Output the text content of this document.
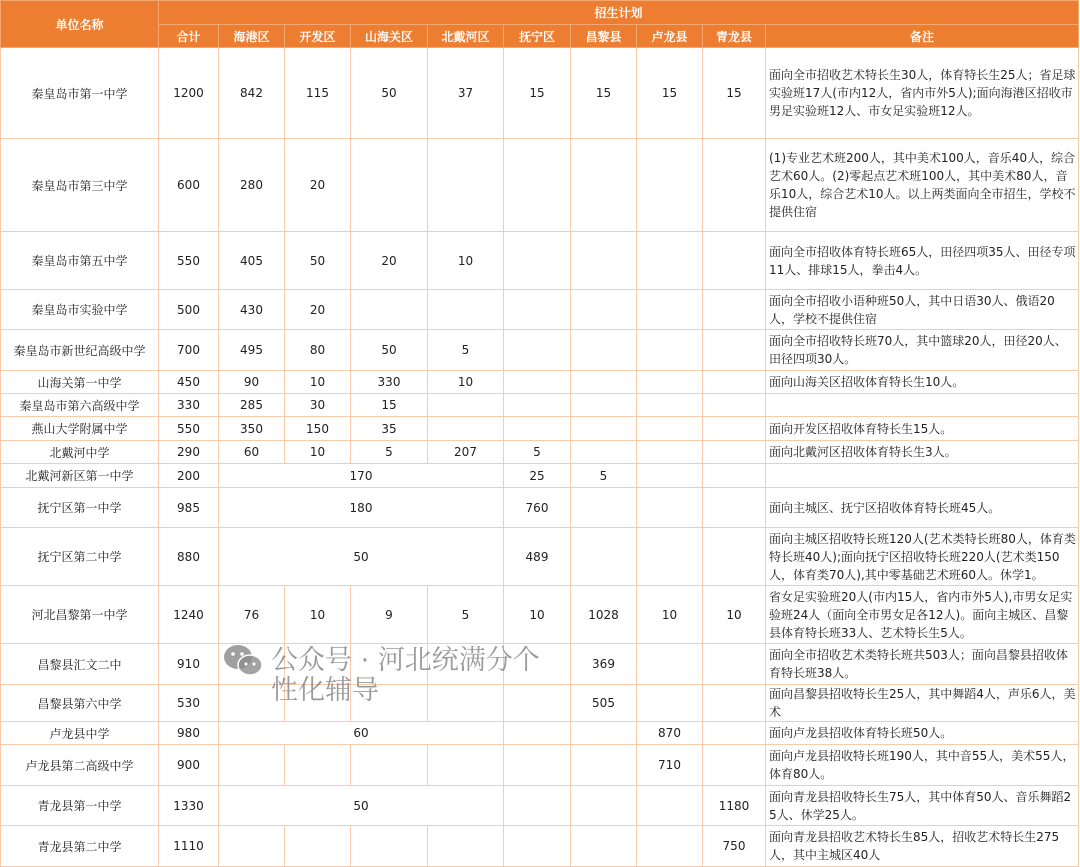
单位名称	招生计划									
	合计	海港区	开发区	山海关区	北戴河区	抚宁区	昌黎县	卢龙县	青龙县	备注
秦皇岛市第一中学	1200	842	115	50	37	15	15	15	15	面向全市招收艺术特长生30人，体育特长生25人；省足球实验班17人(市内12人，省内市外5人);面向海港区招收市男足实验班12人、市女足实验班12人。
秦皇岛市第三中学	600	280	20							(1)专业艺术班200人，其中美术100人，音乐40人，综合艺术60人。(2)零起点艺术班100人，其中美术80人，音乐10人，综合艺术10人。以上两类面向全市招生，学校不提供住宿
秦皇岛市第五中学	550	405	50	20	10					面向全市招收体育特长班65人，田径四项35人、田径专项11人、排球15人，拳击4人。
秦皇岛市实验中学	500	430	20							面向全市招收小语种班50人，其中日语30人、俄语20人，学校不提供住宿
秦皇岛市新世纪高级中学	700	495	80	50	5					面向全市招收特长班70人，其中篮球20人，田径20人、田径四项30人。
山海关第一中学	450	90	10	330	10					面向山海关区招收体育特长生10人。
秦皇岛市第六高级中学	330	285	30	15						
燕山大学附属中学	550	350	150	35						面向开发区招收体育特长生15人。
北戴河中学	290	60	10	5	207	5				面向北戴河区招收体育特长生3人。
北戴河新区第一中学	200	170				25	5			
抚宁区第一中学	985	180				760				面向主城区、抚宁区招收体育特长班45人。
抚宁区第二中学	880	50				489				面向主城区招收特长班120人(艺术类特长班80人，体育类特长班40人);面向抚宁区招收特长班220人(艺术类150人，体育类70人),其中零基础艺术班60人。休学1。
河北昌黎第一中学	1240	76	10	9	5	10	1028	10	10	省女足实验班20人(市内15人，省内市外5人),市男女足实验班24人（面向全市男女足各12人)。面向主城区、昌黎县体育特长班33人、艺术特长生5人。
昌黎县汇文二中	910	公众号 · 河北统满分个性化辅导					369			面向全市招收艺术类特长班共503人；面向昌黎县招收体育特长班38人。
昌黎县第六中学	530						505			面向昌黎县招收特长生25人，其中舞蹈4人，声乐6人，美术
卢龙县中学	980	60						870		面向卢龙县招收体育特长班50人。
卢龙县第二高级中学	900							710		面向卢龙县招收特长班190人，其中音55人，美术55人，体育80人。
青龙县第一中学	1330	50							1180	面向青龙县招收特长生75人，其中体育50人、音乐舞蹈25人、休学25人。
青龙县第二中学	1110								750	面向青龙县招收艺术特长生85人，招收艺术特长生275人，其中主城区40人
